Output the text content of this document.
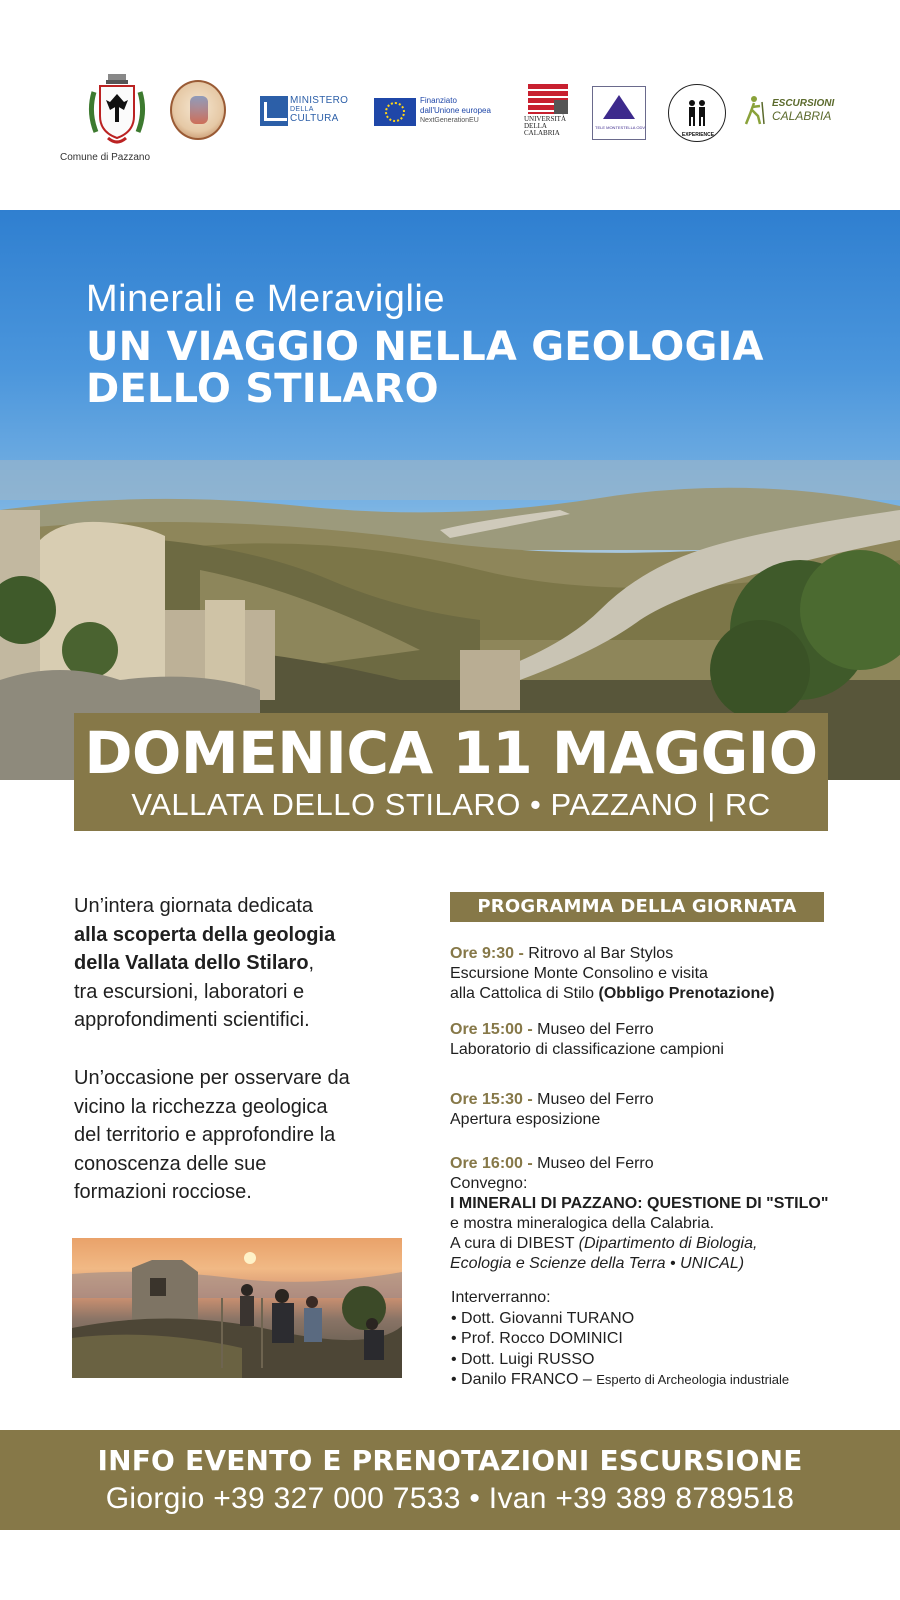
Comune di Pazzano
MINISTERO
DELLA
CULTURA
Finanziato
dall'Unione europea
NextGenerationEU	UNIVERSITÀ
DELLA
CALABRIA
TELE MONTESTELLA ODV
EXPERIENCE
ESCURSIONI
CALABRIA
Minerali e Meraviglie
UN VIAGGIO NELLA GEOLOGIA
DELLO STILARO
DOMENICA 11 MAGGIO
VALLATA DELLO STILARO • PAZZANO | RC
Un’intera giornata dedicata
alla scoperta della geologia
della Vallata dello Stilaro,
tra escursioni, laboratori e
approfondimenti scientifici.
Un’occasione per osservare da
vicino la ricchezza geologica
del territorio e approfondire la
conoscenza delle sue
formazioni rocciose.
PROGRAMMA DELLA GIORNATA
Ore 9:30 - Ritrovo al Bar Stylos
Escursione Monte Consolino e visita
alla Cattolica di Stilo (Obbligo Prenotazione)
Ore 15:00 - Museo del Ferro
Laboratorio di classificazione campioni
Ore 15:30 - Museo del Ferro
Apertura esposizione
Ore 16:00 - Museo del Ferro
Convegno:
I MINERALI DI PAZZANO: QUESTIONE DI "STILO"
e mostra mineralogica della Calabria.
A cura di DIBEST (Dipartimento di Biologia,
Ecologia e Scienze della Terra • UNICAL)
Interverranno:
• Dott. Giovanni TURANO
• Prof. Rocco DOMINICI
• Dott. Luigi RUSSO
• Danilo FRANCO – Esperto di Archeologia industriale
INFO EVENTO E PRENOTAZIONI ESCURSIONE
Giorgio +39 327 000 7533 • Ivan +39 389 8789518
